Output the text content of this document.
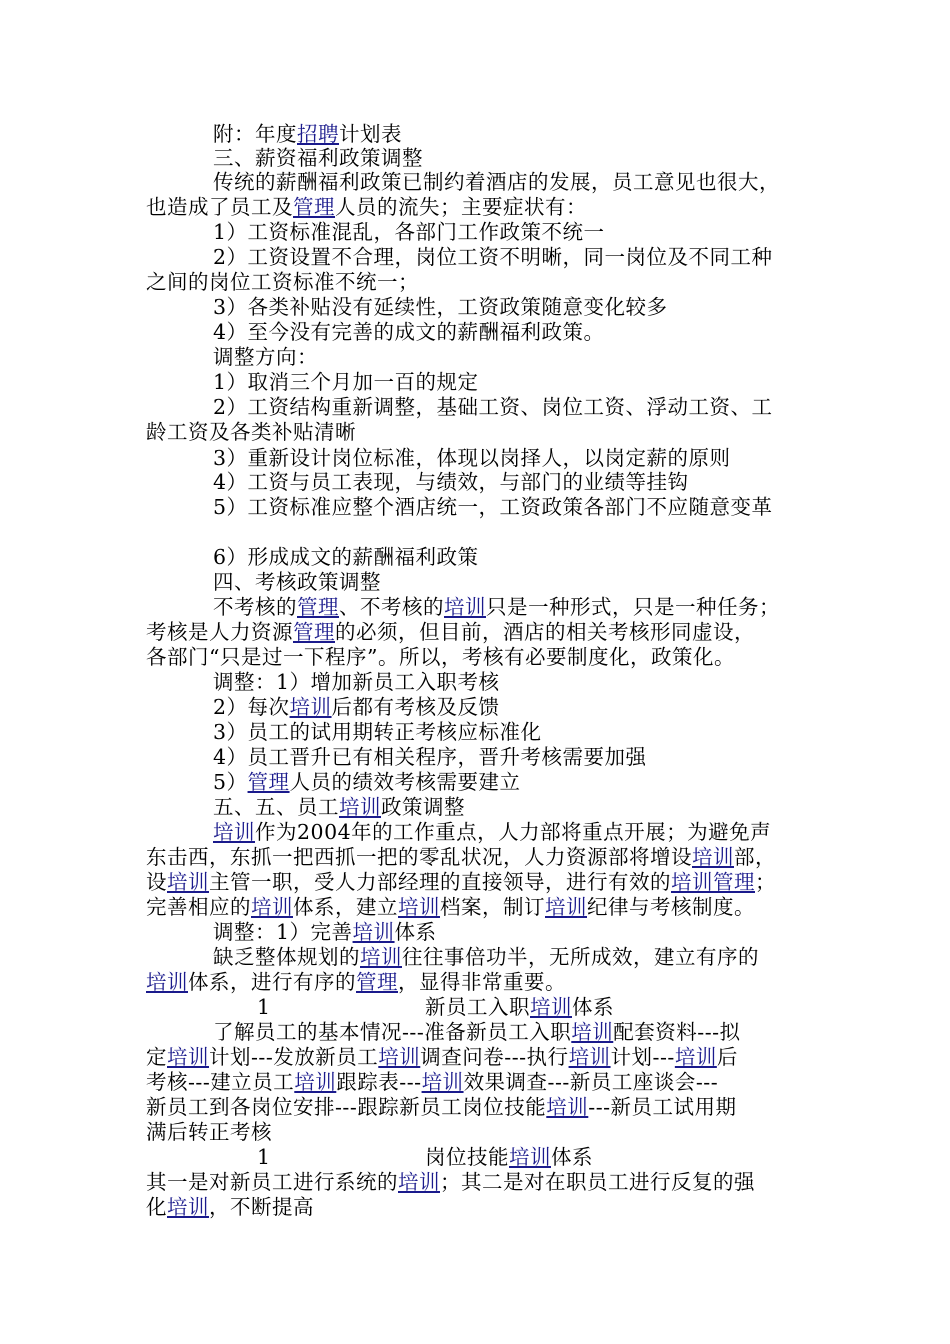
附：年度招聘计划表
三、薪资福利政策调整
传统的薪酬福利政策已制约着酒店的发展，员工意见也很大，
也造成了员工及管理人员的流失；主要症状有：
1）工资标准混乱，各部门工作政策不统一
2）工资设置不合理，岗位工资不明晰，同一岗位及不同工种
之间的岗位工资标准不统一；
3）各类补贴没有延续性，工资政策随意变化较多
4）至今没有完善的成文的薪酬福利政策。
调整方向：
1）取消三个月加一百的规定
2）工资结构重新调整，基础工资、岗位工资、浮动工资、工
龄工资及各类补贴清晰
3）重新设计岗位标准，体现以岗择人，以岗定薪的原则
4）工资与员工表现，与绩效，与部门的业绩等挂钩
5）工资标准应整个酒店统一，工资政策各部门不应随意变革
6）形成成文的薪酬福利政策
四、考核政策调整
不考核的管理、不考核的培训只是一种形式，只是一种任务；
考核是人力资源管理的必须，但目前，酒店的相关考核形同虚设，
各部门“只是过一下程序”。所以，考核有必要制度化，政策化。
调整：1）增加新员工入职考核
2）每次培训后都有考核及反馈
3）员工的试用期转正考核应标准化
4）员工晋升已有相关程序，晋升考核需要加强
5）管理人员的绩效考核需要建立
五、五、员工培训政策调整
培训作为2004年的工作重点，人力部将重点开展；为避免声
东击西，东抓一把西抓一把的零乱状况，人力资源部将增设培训部，
设培训主管一职，受人力部经理的直接领导，进行有效的培训管理；
完善相应的培训体系，建立培训档案，制订培训纪律与考核制度。
调整：1）完善培训体系
缺乏整体规划的培训往往事倍功半，无所成效，建立有序的
培训体系，进行有序的管理，显得非常重要。
1	新员工入职培训体系
了解员工的基本情况---准备新员工入职培训配套资料---拟
定培训计划---发放新员工培训调查问卷---执行培训计划---培训后
考核---建立员工培训跟踪表---培训效果调查---新员工座谈会---
新员工到各岗位安排---跟踪新员工岗位技能培训---新员工试用期
满后转正考核
1	岗位技能培训体系
其一是对新员工进行系统的培训；其二是对在职员工进行反复的强
化培训，不断提高
